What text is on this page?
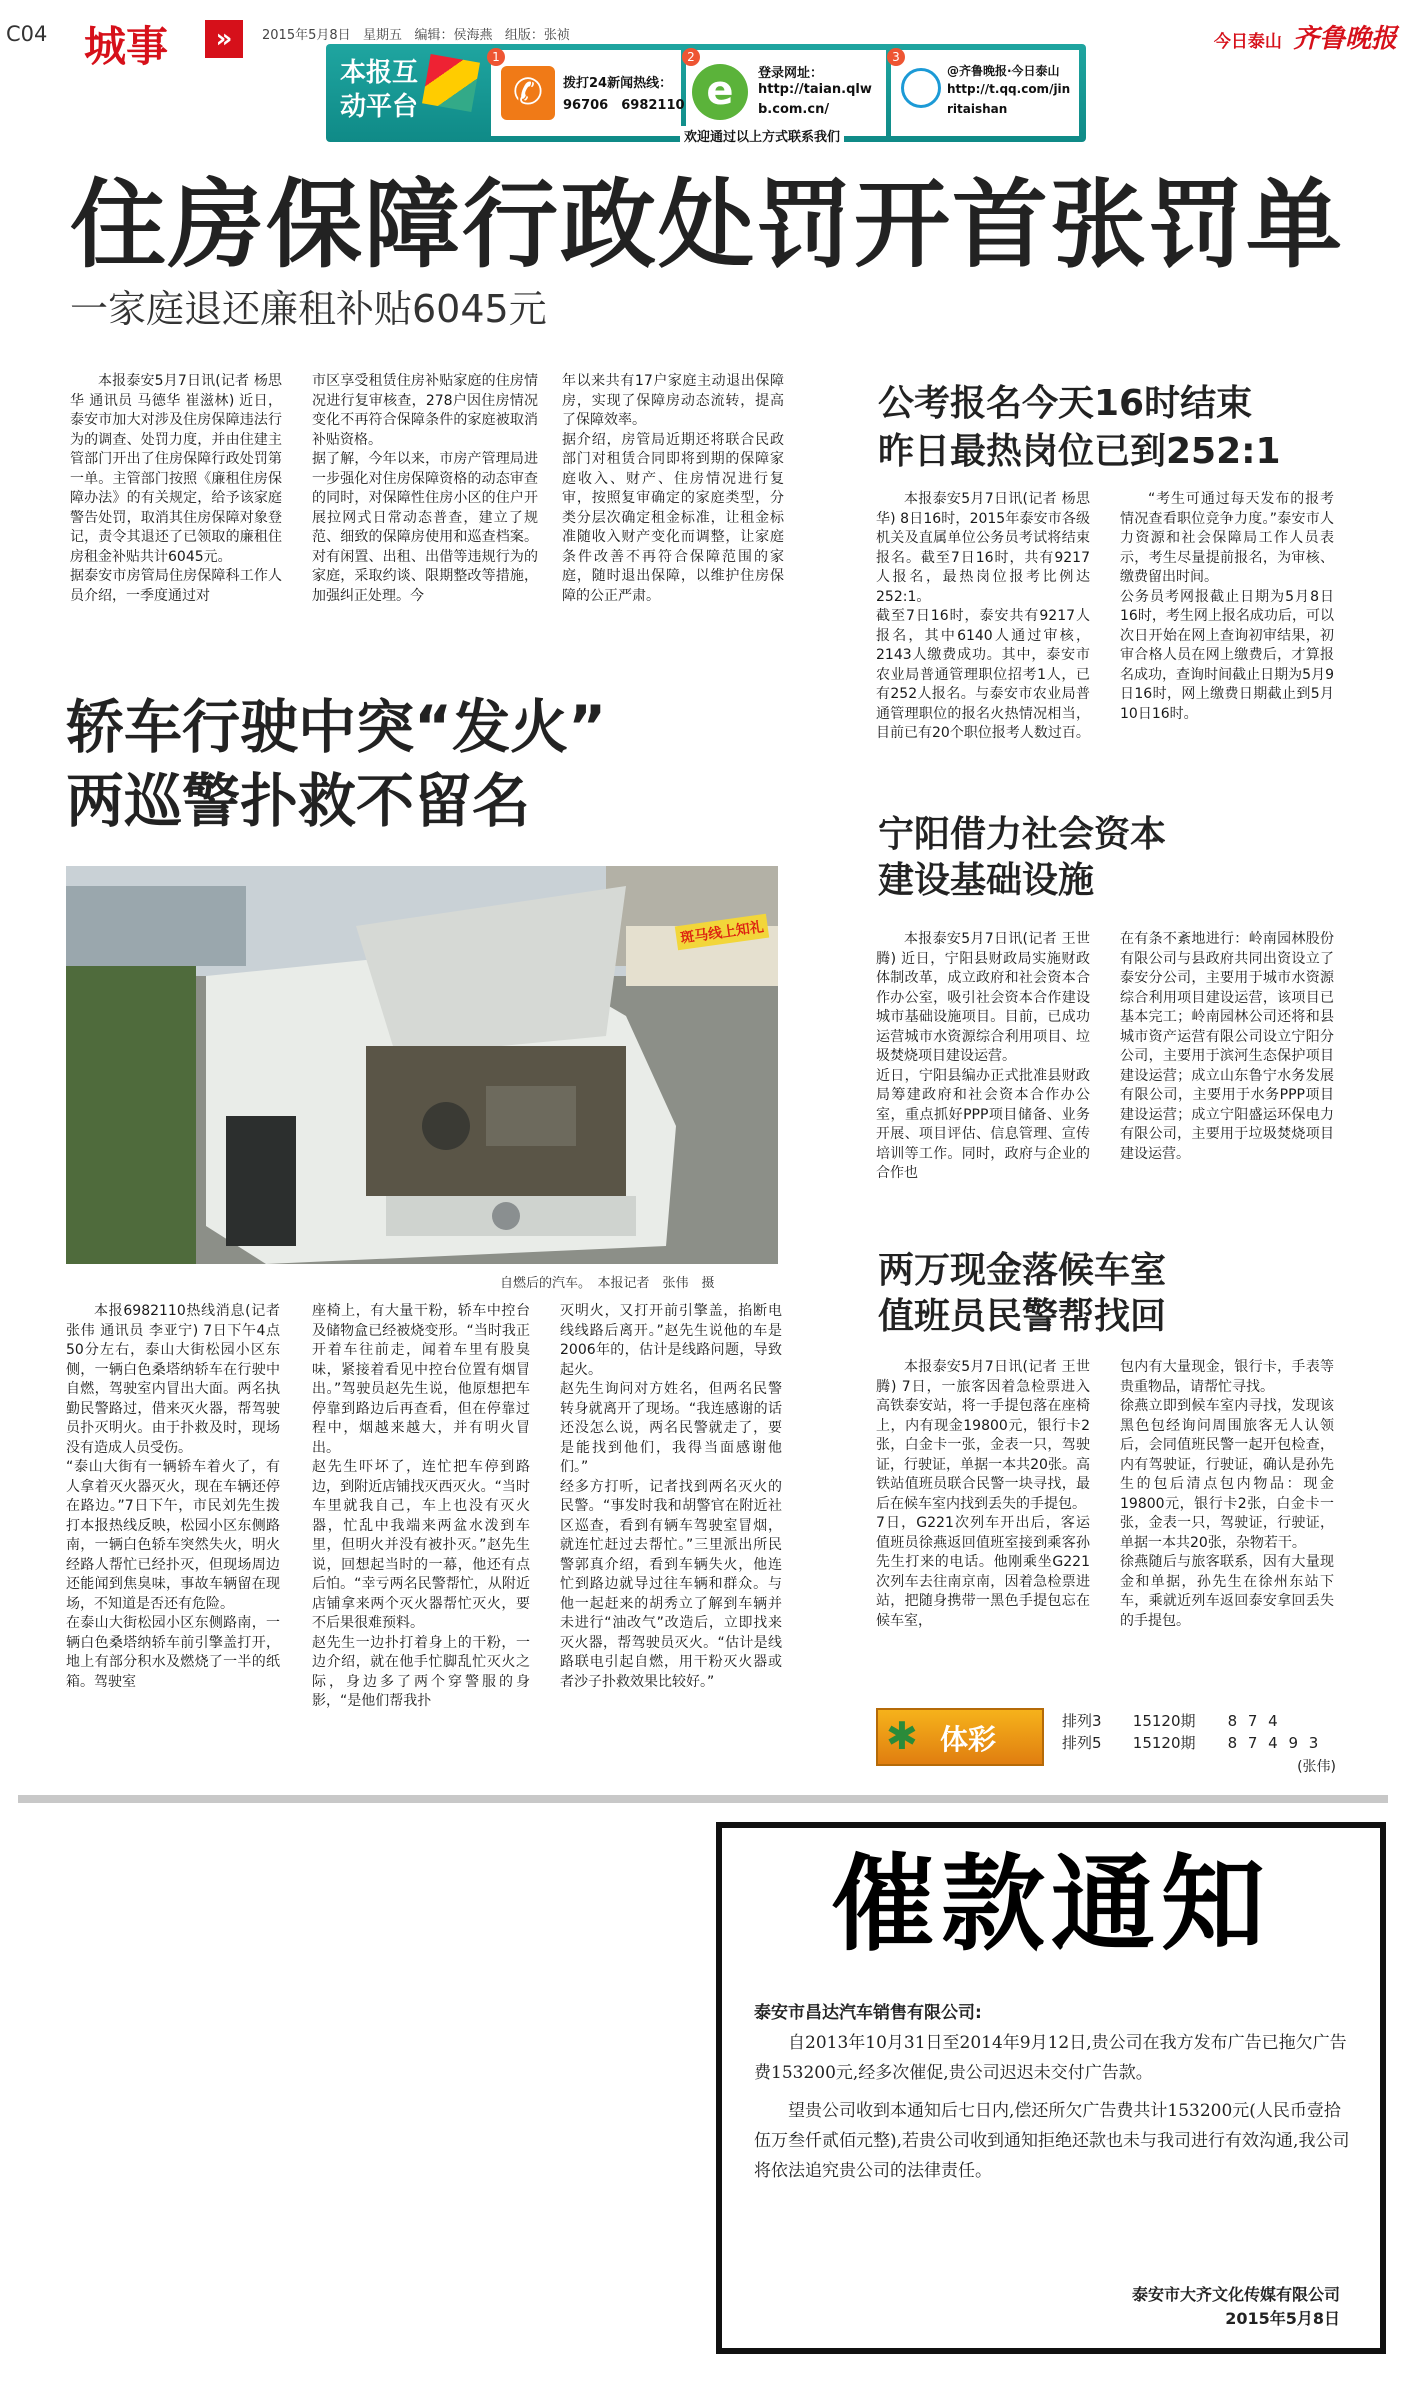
C04 城事	»	2015年5月8日 星期五 编辑：侯海燕 组版：张祯	今日泰山 齐鲁晚报
本报互动平台
1
✆	拨打24新闻热线：
96706　6982110
2
e	登录网址：
http://taian.qlw
b.com.cn/
3
@齐鲁晚报·今日泰山
http://t.qq.com/jin
ritaishan
欢迎通过以上方式联系我们
住房保障行政处罚开首张罚单
一家庭退还廉租补贴6045元
本报泰安5月7日讯(记者 杨思华 通讯员 马德华 崔滋林) 近日，泰安市加大对涉及住房保障违法行为的调查、处罚力度，并由住建主管部门开出了住房保障行政处罚第一单。主管部门按照《廉租住房保障办法》的有关规定，给予该家庭警告处罚，取消其住房保障对象登记，责令其退还了已领取的廉租住房租金补贴共计6045元。
据泰安市房管局住房保障科工作人员介绍，一季度通过对
市区享受租赁住房补贴家庭的住房情况进行复审核查，278户因住房情况变化不再符合保障条件的家庭被取消补贴资格。
据了解，今年以来，市房产管理局进一步强化对住房保障资格的动态审查的同时，对保障性住房小区的住户开展拉网式日常动态普查，建立了规范、细致的保障房使用和巡查档案。对有闲置、出租、出借等违规行为的家庭，采取约谈、限期整改等措施，加强纠正处理。今
年以来共有17户家庭主动退出保障房，实现了保障房动态流转，提高了保障效率。
据介绍，房管局近期还将联合民政部门对租赁合同即将到期的保障家庭收入、财产、住房情况进行复审，按照复审确定的家庭类型，分类分层次确定租金标准，让租金标准随收入财产变化而调整，让家庭条件改善不再符合保障范围的家庭，随时退出保障，以维护住房保障的公正严肃。
公考报名今天16时结束
昨日最热岗位已到252:1
本报泰安5月7日讯(记者 杨思华) 8日16时，2015年泰安市各级机关及直属单位公务员考试将结束报名。截至7日16时，共有9217人报名，最热岗位报考比例达252:1。
截至7日16时，泰安共有9217人报名，其中6140人通过审核，2143人缴费成功。其中，泰安市农业局普通管理职位招考1人，已有252人报名。与泰安市农业局普通管理职位的报名火热情况相当，目前已有20个职位报考人数过百。
“考生可通过每天发布的报考情况查看职位竞争力度。”泰安市人力资源和社会保障局工作人员表示，考生尽量提前报名，为审核、缴费留出时间。
公务员考网报截止日期为5月8日16时，考生网上报名成功后，可以次日开始在网上查询初审结果，初审合格人员在网上缴费后，才算报名成功，查询时间截止日期为5月9日16时，网上缴费日期截止到5月10日16时。
轿车行驶中突“发火”
两巡警扑救不留名
斑马线上知礼
自燃后的汽车。　本报记者　张伟　摄
本报6982110热线消息(记者 张伟 通讯员 李亚宁) 7日下午4点50分左右，泰山大街松园小区东侧，一辆白色桑塔纳轿车在行驶中自燃，驾驶室内冒出大面。两名执勤民警路过，借来灭火器，帮驾驶员扑灭明火。由于扑救及时，现场没有造成人员受伤。
“泰山大街有一辆轿车着火了，有人拿着灭火器灭火，现在车辆还停在路边。”7日下午，市民刘先生拨打本报热线反映，松园小区东侧路南，一辆白色轿车突然失火，明火经路人帮忙已经扑灭，但现场周边还能闻到焦臭味，事故车辆留在现场，不知道是否还有危险。
在泰山大街松园小区东侧路南，一辆白色桑塔纳轿车前引擎盖打开，地上有部分积水及燃烧了一半的纸箱。驾驶室
座椅上，有大量干粉，轿车中控台及储物盒已经被烧变形。“当时我正开着车往前走，闻着车里有股臭味，紧接着看见中控台位置有烟冒出。”驾驶员赵先生说，他原想把车停靠到路边后再查看，但在停靠过程中，烟越来越大，并有明火冒出。
赵先生吓坏了，连忙把车停到路边，到附近店铺找灭西灭火。“当时车里就我自己，车上也没有灭火器，忙乱中我端来两盆水泼到车里，但明火并没有被扑灭。”赵先生说，回想起当时的一幕，他还有点后怕。“幸亏两名民警帮忙，从附近店铺拿来两个灭火器帮忙灭火，要不后果很难预料。
赵先生一边扑打着身上的干粉，一边介绍，就在他手忙脚乱忙灭火之际，身边多了两个穿警服的身影，“是他们帮我扑
灭明火，又打开前引擎盖，掐断电线线路后离开。”赵先生说他的车是2006年的，估计是线路问题，导致起火。
赵先生询问对方姓名，但两名民警转身就离开了现场。“我连感谢的话还没怎么说，两名民警就走了，要是能找到他们，我得当面感谢他们。”
经多方打听，记者找到两名灭火的民警。“事发时我和胡警官在附近社区巡查，看到有辆车驾驶室冒烟，就连忙赶过去帮忙。”三里派出所民警郭真介绍，看到车辆失火，他连忙到路边就导过往车辆和群众。与他一起赶来的胡秀立了解到车辆并未进行“油改气”改造后，立即找来灭火器，帮驾驶员灭火。“估计是线路联电引起自燃，用干粉灭火器或者沙子扑救效果比较好。”
宁阳借力社会资本
建设基础设施
本报泰安5月7日讯(记者 王世腾) 近日，宁阳县财政局实施财政体制改革，成立政府和社会资本合作办公室，吸引社会资本合作建设城市基础设施项目。目前，已成功运营城市水资源综合利用项目、垃圾焚烧项目建设运营。
近日，宁阳县编办正式批准县财政局筹建政府和社会资本合作办公室，重点抓好PPP项目储备、业务开展、项目评估、信息管理、宣传培训等工作。同时，政府与企业的合作也
在有条不紊地进行：岭南园林股份有限公司与县政府共同出资设立了泰安分公司，主要用于城市水资源综合利用项目建设运营，该项目已基本完工；岭南园林公司还将和县城市资产运营有限公司设立宁阳分公司，主要用于滨河生态保护项目建设运营；成立山东鲁宁水务发展有限公司，主要用于水务PPP项目建设运营；成立宁阳盛运环保电力有限公司，主要用于垃圾焚烧项目建设运营。
两万现金落候车室
值班员民警帮找回
本报泰安5月7日讯(记者 王世腾) 7日，一旅客因着急检票进入高铁泰安站，将一手提包落在座椅上，内有现金19800元，银行卡2张，白金卡一张，金表一只，驾驶证，行驶证，单据一本共20张。高铁站值班员联合民警一块寻找，最后在候车室内找到丢失的手提包。
7日，G221次列车开出后，客运值班员徐燕返回值班室接到乘客孙先生打来的电话。他刚乘坐G221次列车去往南京南，因着急检票进站，把随身携带一黑色手提包忘在候车室，
包内有大量现金，银行卡，手表等贵重物品，请帮忙寻找。
徐燕立即到候车室内寻找，发现该黑色包经询问周围旅客无人认领后，会同值班民警一起开包检查，内有驾驶证，行驶证，确认是孙先生的包后清点包内物品：现金19800元，银行卡2张，白金卡一张，金表一只，驾驶证，行驶证，单据一本共20张，杂物若干。
徐燕随后与旅客联系，因有大量现金和单据，孙先生在徐州东站下车，乘就近列车返回泰安拿回丢失的手提包。
✱ 体彩
排列3 15120期 8 7 4
排列5 15120期 8 7 4 9 3
(张伟)
催款通知
泰安市昌达汽车销售有限公司:
自2013年10月31日至2014年9月12日,贵公司在我方发布广告已拖欠广告费153200元,经多次催促,贵公司迟迟未交付广告款。
望贵公司收到本通知后七日内,偿还所欠广告费共计153200元(人民币壹拾伍万叁仟贰佰元整),若贵公司收到通知拒绝还款也未与我司进行有效沟通,我公司将依法追究贵公司的法律责任。
泰安市大齐文化传媒有限公司
2015年5月8日
